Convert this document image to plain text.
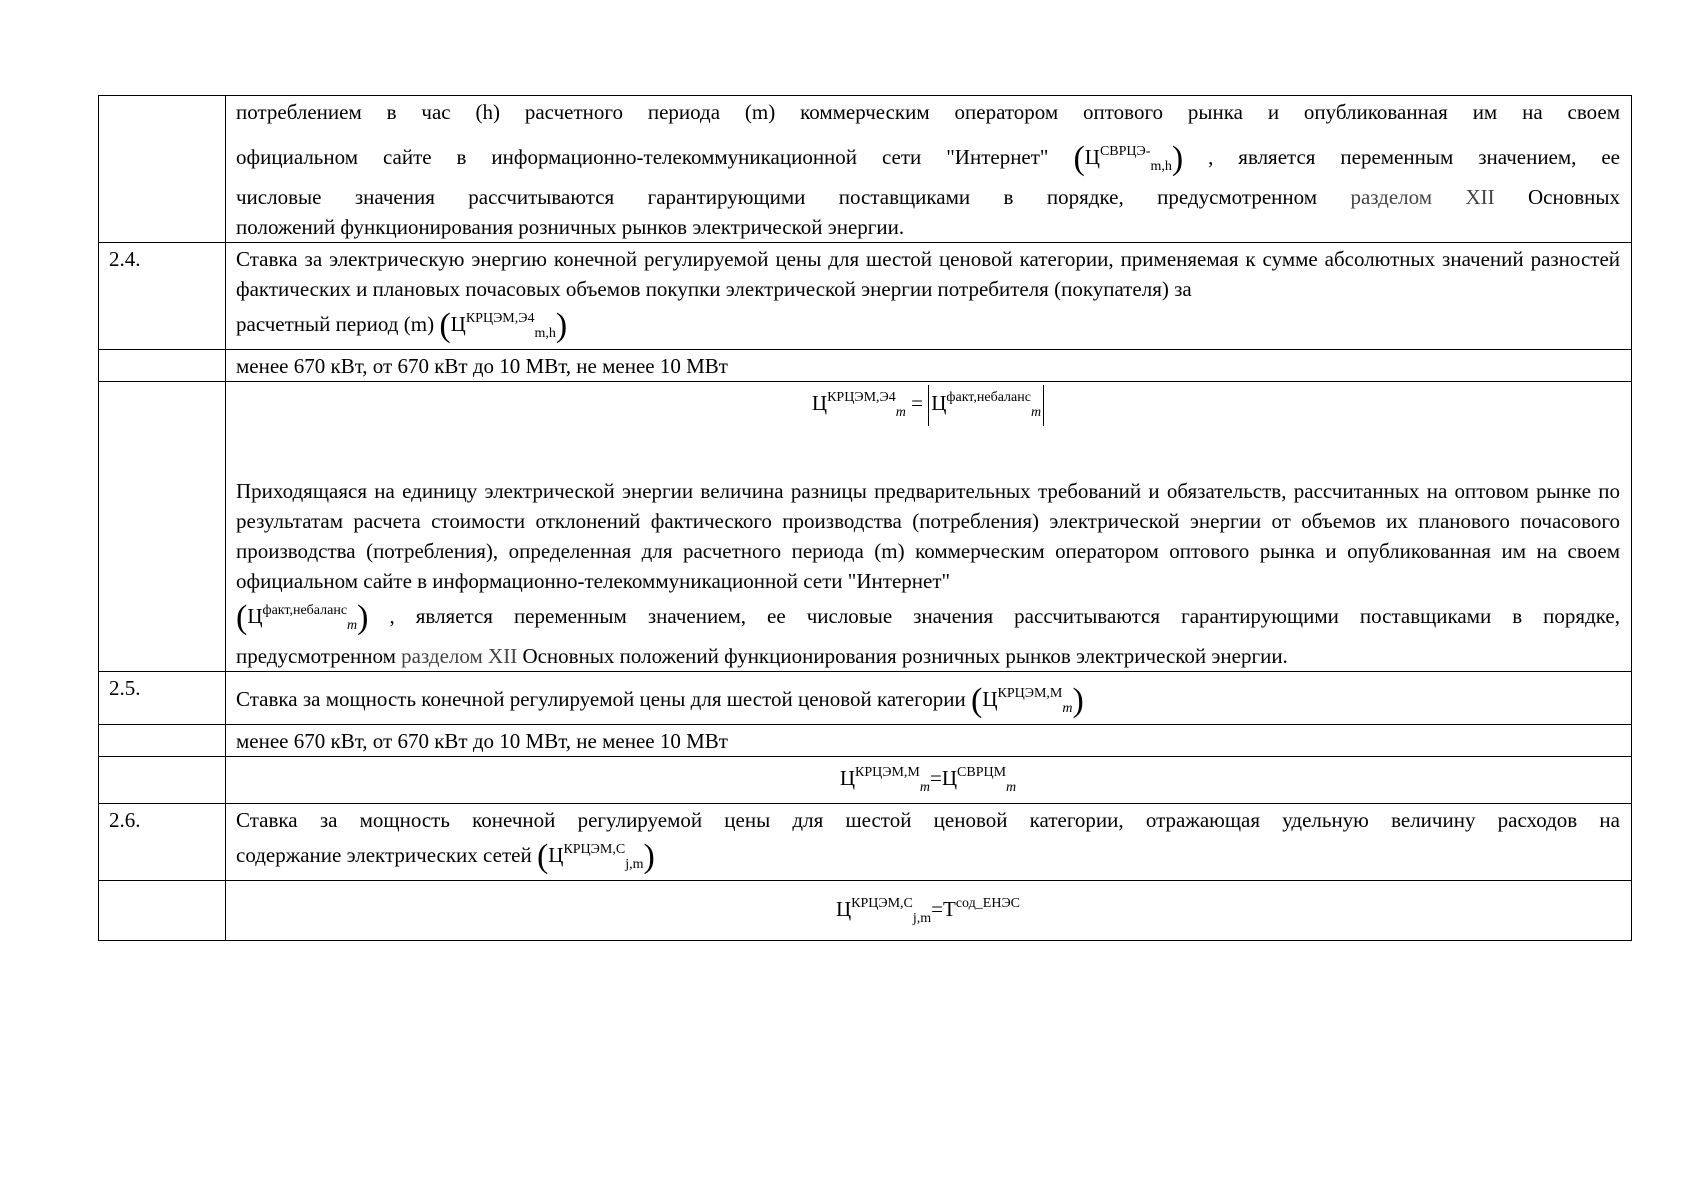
	потреблением в час (h) расчетного периода (m) коммерческим оператором оптового рынка и опубликованная им на своем
официальном сайте в информационно-телекоммуникационной сети "Интернет" $(Ц^{СВРЦЭ-}_{m,h})$ , является переменным значением, ее
числовые значения рассчитываются гарантирующими поставщиками в порядке, предусмотренном разделом XII Основных
положений функционирования розничных рынков электрической энергии.

2.4.	Ставка за электрическую энергию конечной регулируемой цены для шестой ценовой категории, применяемая к сумме абсолютных значений разностей фактических и плановых почасовых объемов покупки электрической энергии потребителя (покупателя) за
расчетный период (m) $(Ц^{КРЦЭМ,Э4}_{m,h})$

	менее 670 кВт, от 670 кВт до 10 МВт, не менее 10 МВт

	$Ц^{КРЦЭМ,Э4}_m = Ц^{факт,небаланс}_m$
Приходящаяся на единицу электрической энергии величина разницы предварительных требований и обязательств, рассчитанных на оптовом рынке по результатам расчета стоимости отклонений фактического производства (потребления) электрической энергии от объемов их планового почасового производства (потребления), определенная для расчетного периода (m) коммерческим оператором оптового рынка и опубликованная им на своем официальном сайте в информационно-телекоммуникационной сети "Интернет"
$(Ц^{факт,небаланс}_m)$ , является переменным значением, ее числовые значения рассчитываются гарантирующими поставщиками в порядке,
предусмотренном разделом XII Основных положений функционирования розничных рынков электрической энергии.

2.5.	Ставка за мощность конечной регулируемой цены для шестой ценовой категории $(Ц^{КРЦЭМ,М}_m)$

	менее 670 кВт, от 670 кВт до 10 МВт, не менее 10 МВт
	$Ц^{КРЦЭМ,М}_m=Ц^{СВРЦМ}_m$
2.6.	Ставка за мощность конечной регулируемой цены для шестой ценовой категории, отражающая удельную величину расходов на
содержание электрических сетей $(Ц^{КРЦЭМ,С}_{j,m})$

	$Ц^{КРЦЭМ,С}_{j,m}=T^{сод\_ЕНЭС}$
